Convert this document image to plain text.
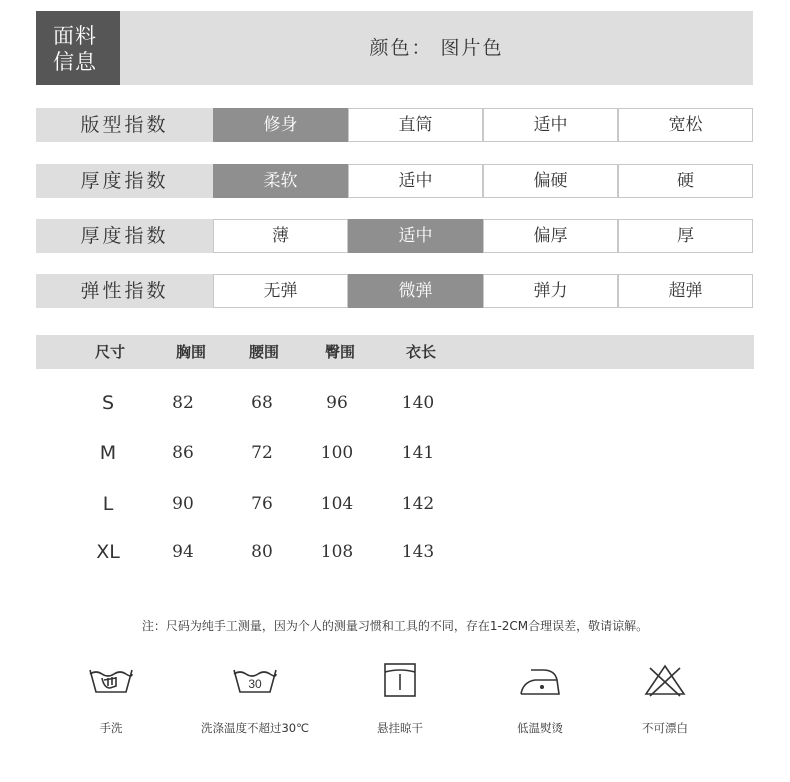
面料
信息
颜色： 图片色
版型指数	修身	直筒	适中	宽松
厚度指数	柔软	适中	偏硬	硬
厚度指数	薄	适中	偏厚	厚
弹性指数	无弹	微弹	弹力	超弹
尺寸	胸围	腰围	臀围	衣长
S	82	68	96	140
M	86	72	100	141
L	90	76	104	142
XL	94	80	108	143
注：尺码为纯手工测量，因为个人的测量习惯和工具的不同，存在1-2CM合理误差，敬请谅解。
手洗
30
洗涤温度不超过30℃	悬挂晾干	低温熨烫	不可漂白
